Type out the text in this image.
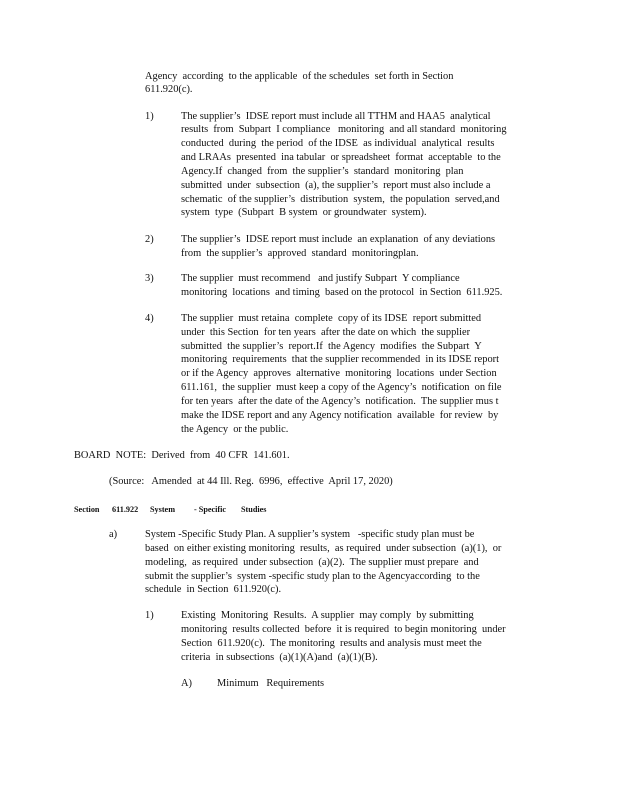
Agency  according  to the applicable  of the schedules  set forth in Section
611.920(c).
1)	The supplier’s  IDSE report must include all TTHM and HAA5  analytical
results  from  Subpart  I compliance   monitoring  and all standard  monitoring
conducted  during  the period  of the IDSE  as individual  analytical  results
and LRAAs  presented  ina tabular  or spreadsheet  format  acceptable  to the
Agency.If  changed  from  the supplier’s  standard  monitoring  plan
submitted  under  subsection  (a), the supplier’s  report must also include a
schematic  of the supplier’s  distribution  system,  the population  served,and
system  type  (Subpart  B system  or groundwater  system).
2)	The supplier’s  IDSE report must include  an explanation  of any deviations
from  the supplier’s  approved  standard  monitoringplan.
3)	The supplier  must recommend   and justify Subpart  Y compliance
monitoring  locations  and timing  based on the protocol  in Section  611.925.
4)	The supplier  must retaina  complete  copy of its IDSE  report submitted
under  this Section  for ten years  after the date on which  the supplier
submitted  the supplier’s  report.If  the Agency  modifies  the Subpart  Y
monitoring  requirements  that the supplier recommended  in its IDSE report
or if the Agency  approves  alternative  monitoring  locations  under Section
611.161,  the supplier  must keep a copy of the Agency’s  notification  on file
for ten years  after the date of the Agency’s  notification.  The supplier mus t
make the IDSE report and any Agency notification  available  for review  by
the Agency  or the public.
BOARD  NOTE:  Derived  from  40 CFR  141.601.
(Source:   Amended  at 44 Ill. Reg.  6996,  effective  April 17, 2020)
Section 611.922 System - Specific Studies
a)	System -Specific Study Plan. A supplier’s system   -specific study plan must be
based  on either existing monitoring  results,  as required  under subsection  (a)(1),  or
modeling,  as required  under subsection  (a)(2).  The supplier must prepare  and
submit the supplier’s  system -specific study plan to the Agencyaccording  to the
schedule  in Section  611.920(c).
1)	Existing  Monitoring  Results.  A supplier  may comply  by submitting
monitoring  results collected  before  it is required  to begin monitoring  under
Section  611.920(c).  The monitoring  results and analysis must meet the
criteria  in subsections  (a)(1)(A)and  (a)(1)(B).
A) Minimum   Requirements
